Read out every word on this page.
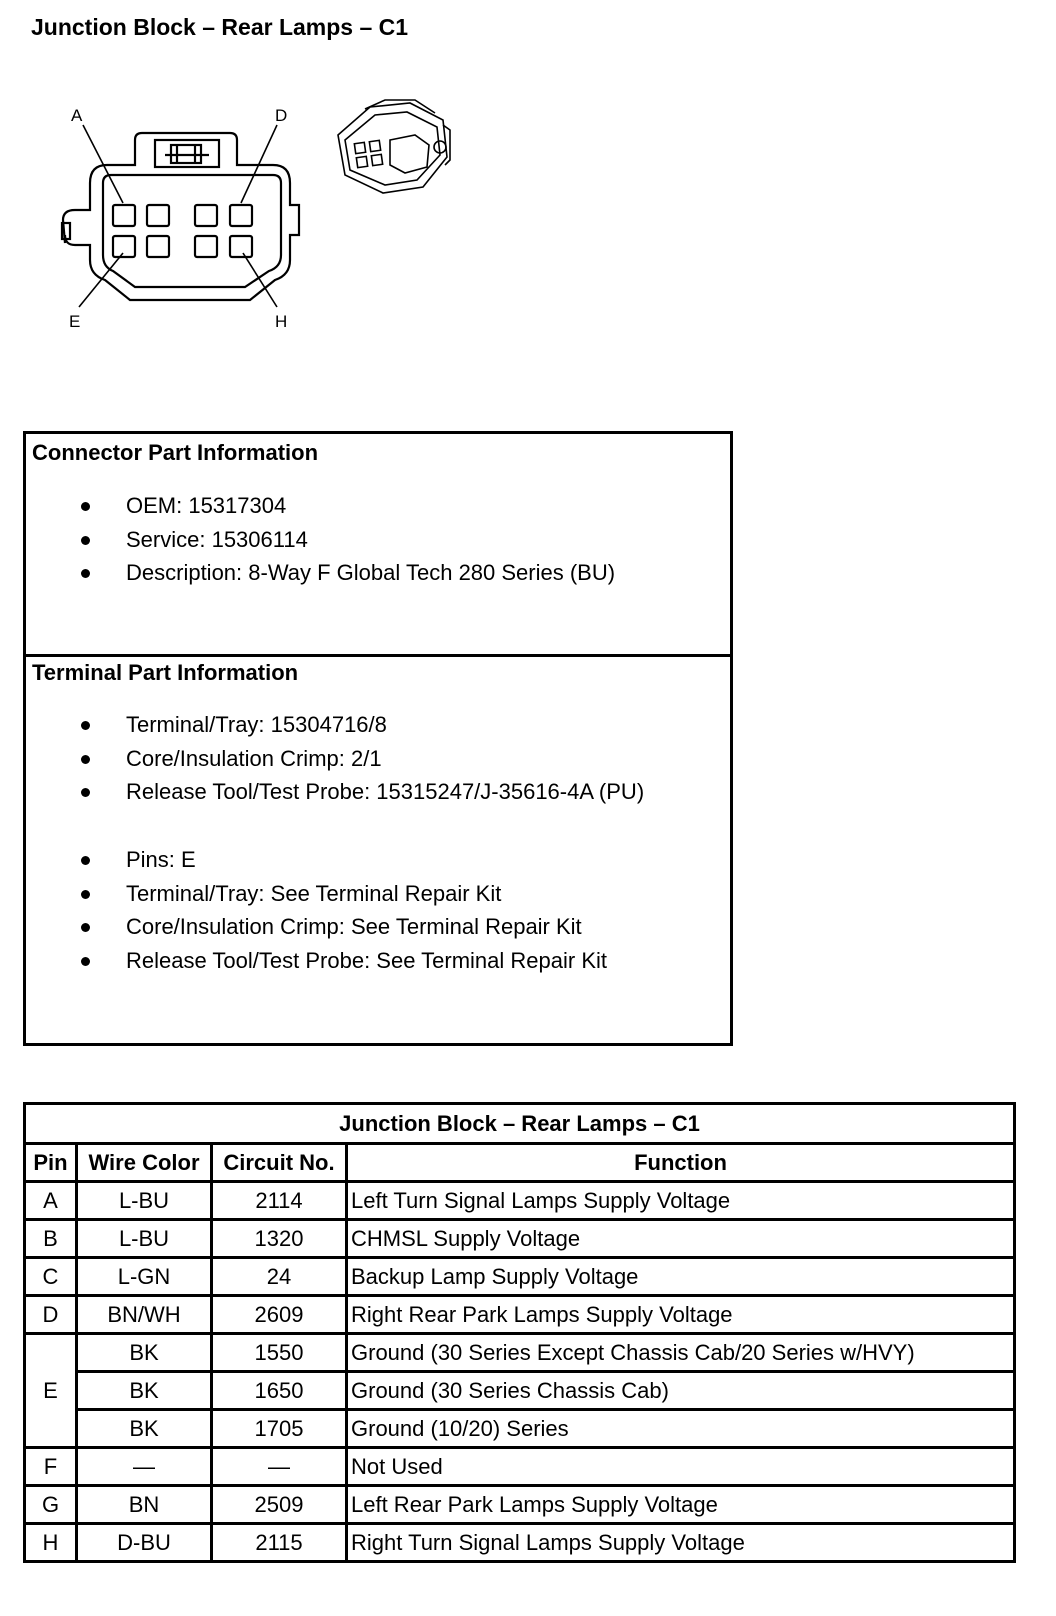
Junction Block – Rear Lamps – C1
A	D
E	H
Connector Part Information
OEM: 15317304
Service: 15306114
Description: 8-Way F Global Tech 280 Series (BU)
Terminal Part Information
Terminal/Tray: 15304716/8
Core/Insulation Crimp: 2/1
Release Tool/Test Probe: 15315247/J-35616-4A (PU)
Pins: E
Terminal/Tray: See Terminal Repair Kit
Core/Insulation Crimp: See Terminal Repair Kit
Release Tool/Test Probe: See Terminal Repair Kit
Junction Block – Rear Lamps – C1			
Pin	Wire Color	Circuit No.	Function
A	L-BU	2114	Left Turn Signal Lamps Supply Voltage
B	L-BU	1320	CHMSL Supply Voltage
C	L-GN	24	Backup Lamp Supply Voltage
D	BN/WH	2609	Right Rear Park Lamps Supply Voltage
E	BK	1550	Ground (30 Series Except Chassis Cab/20 Series w/HVY)
	BK	1650	Ground (30 Series Chassis Cab)
	BK	1705	Ground (10/20) Series
F	—	—	Not Used
G	BN	2509	Left Rear Park Lamps Supply Voltage
H	D-BU	2115	Right Turn Signal Lamps Supply Voltage
